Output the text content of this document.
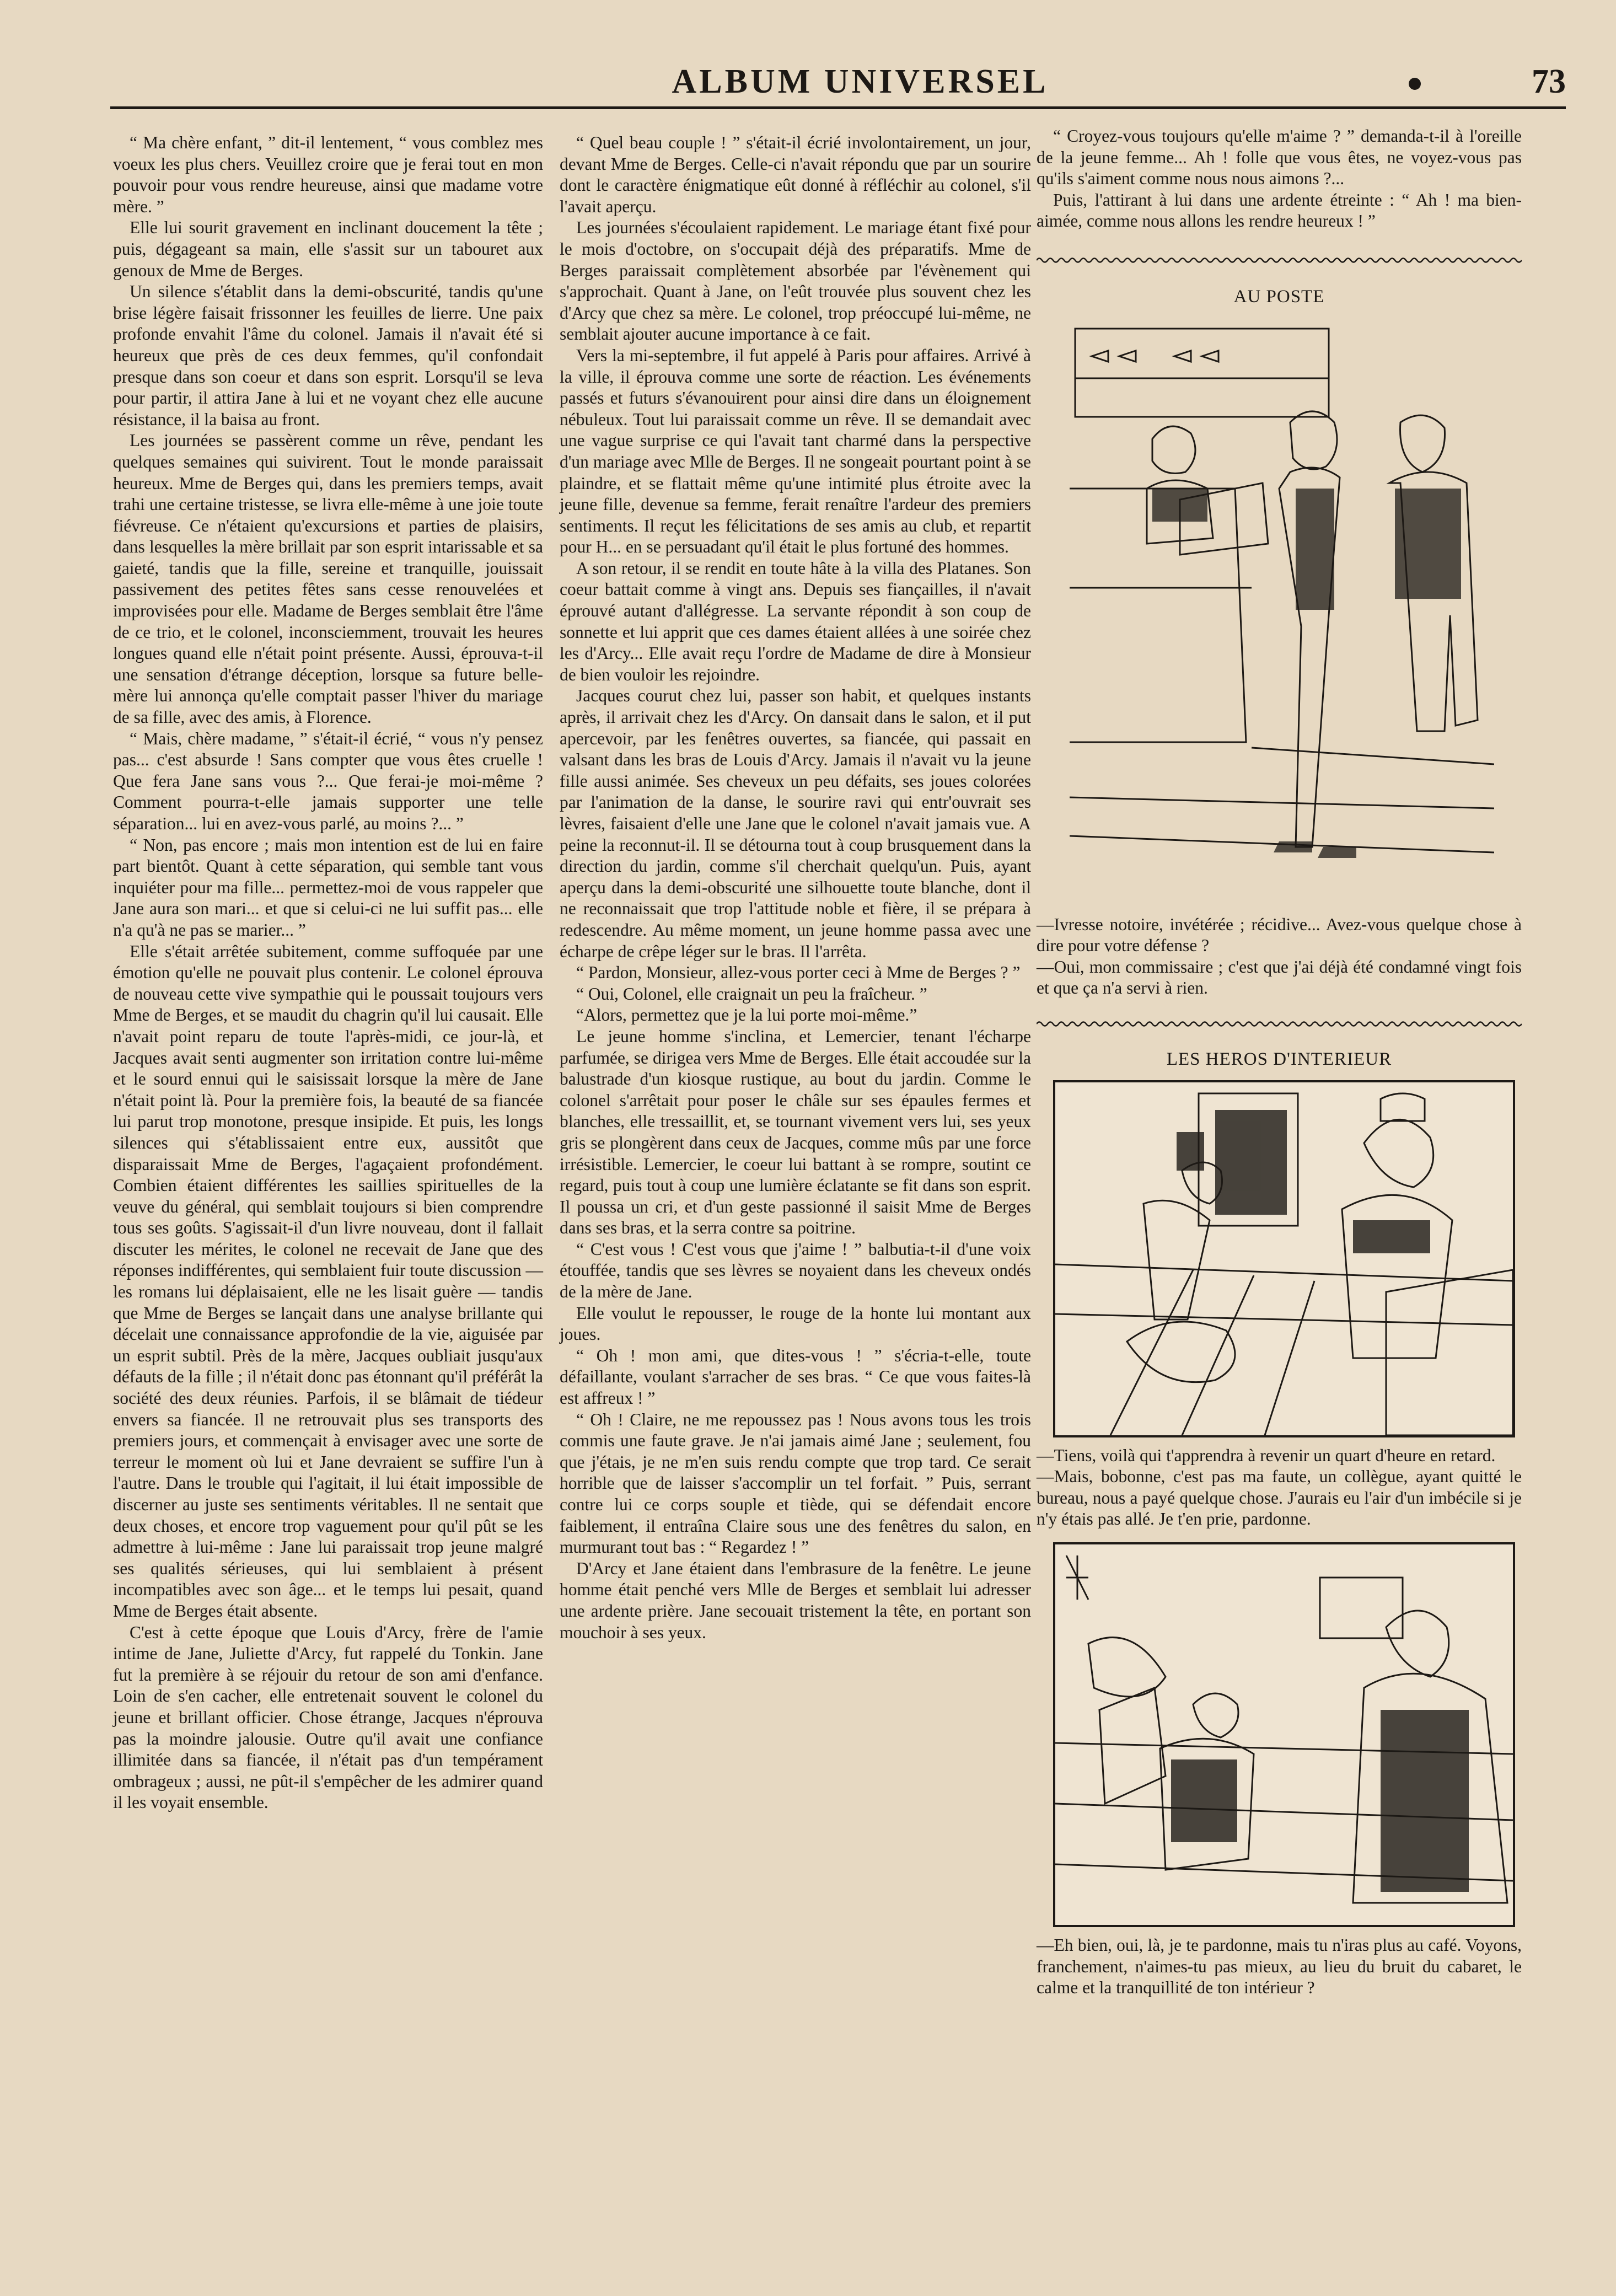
ALBUM UNIVERSEL	73

“ Ma chère enfant, ” dit-il lentement, “ vous comblez mes voeux les plus chers. Veuillez croire que je ferai tout en mon pouvoir pour vous rendre heureuse, ainsi que madame votre mère. ”

Elle lui sourit gravement en inclinant doucement la tête ; puis, dégageant sa main, elle s'assit sur un tabouret aux genoux de Mme de Berges.

Un silence s'établit dans la demi-obscurité, tandis qu'une brise légère faisait frissonner les feuilles de lierre. Une paix profonde envahit l'âme du colonel. Jamais il n'avait été si heureux que près de ces deux femmes, qu'il confondait presque dans son coeur et dans son esprit. Lorsqu'il se leva pour partir, il attira Jane à lui et ne voyant chez elle aucune résistance, il la baisa au front.

Les journées se passèrent comme un rêve, pendant les quelques semaines qui suivirent. Tout le monde paraissait heureux. Mme de Berges qui, dans les premiers temps, avait trahi une certaine tristesse, se livra elle-même à une joie toute fiévreuse. Ce n'étaient qu'excursions et parties de plaisirs, dans lesquelles la mère brillait par son esprit intarissable et sa gaieté, tandis que la fille, sereine et tranquille, jouissait passivement des petites fêtes sans cesse renouvelées et improvisées pour elle. Madame de Berges semblait être l'âme de ce trio, et le colonel, inconsciemment, trouvait les heures longues quand elle n'était point présente. Aussi, éprouva-t-il une sensation d'étrange déception, lorsque sa future belle-mère lui annonça qu'elle comptait passer l'hiver du mariage de sa fille, avec des amis, à Florence.

“ Mais, chère madame, ” s'était-il écrié, “ vous n'y pensez pas... c'est absurde ! Sans compter que vous êtes cruelle ! Que fera Jane sans vous ?... Que ferai-je moi-même ? Comment pourra-t-elle jamais supporter une telle séparation... lui en avez-vous parlé, au moins ?... ”

“ Non, pas encore ; mais mon intention est de lui en faire part bientôt. Quant à cette séparation, qui semble tant vous inquiéter pour ma fille... permettez-moi de vous rappeler que Jane aura son mari... et que si celui-ci ne lui suffit pas... elle n'a qu'à ne pas se marier... ”

Elle s'était arrêtée subitement, comme suffoquée par une émotion qu'elle ne pouvait plus contenir. Le colonel éprouva de nouveau cette vive sympathie qui le poussait toujours vers Mme de Berges, et se maudit du chagrin qu'il lui causait. Elle n'avait point reparu de toute l'après-midi, ce jour-là, et Jacques avait senti augmenter son irritation contre lui-même et le sourd ennui qui le saisissait lorsque la mère de Jane n'était point là. Pour la première fois, la beauté de sa fiancée lui parut trop monotone, presque insipide. Et puis, les longs silences qui s'établissaient entre eux, aussitôt que disparaissait Mme de Berges, l'agaçaient profondément. Combien étaient différentes les saillies spirituelles de la veuve du général, qui semblait toujours si bien comprendre tous ses goûts. S'agissait-il d'un livre nouveau, dont il fallait discuter les mérites, le colonel ne recevait de Jane que des réponses indifférentes, qui semblaient fuir toute discussion — les romans lui déplaisaient, elle ne les lisait guère — tandis que Mme de Berges se lançait dans une analyse brillante qui décelait une connaissance approfondie de la vie, aiguisée par un esprit subtil. Près de la mère, Jacques oubliait jusqu'aux défauts de la fille ; il n'était donc pas étonnant qu'il préférât la société des deux réunies. Parfois, il se blâmait de tiédeur envers sa fiancée. Il ne retrouvait plus ses transports des premiers jours, et commençait à envisager avec une sorte de terreur le moment où lui et Jane devraient se suffire l'un à l'autre. Dans le trouble qui l'agitait, il lui était impossible de discerner au juste ses sentiments véritables. Il ne sentait que deux choses, et encore trop vaguement pour qu'il pût se les admettre à lui-même : Jane lui paraissait trop jeune malgré ses qualités sérieuses, qui lui semblaient à présent incompatibles avec son âge... et le temps lui pesait, quand Mme de Berges était absente.

C'est à cette époque que Louis d'Arcy, frère de l'amie intime de Jane, Juliette d'Arcy, fut rappelé du Tonkin. Jane fut la première à se réjouir du retour de son ami d'enfance. Loin de s'en cacher, elle entretenait souvent le colonel du jeune et brillant officier. Chose étrange, Jacques n'éprouva pas la moindre jalousie. Outre qu'il avait une confiance illimitée dans sa fiancée, il n'était pas d'un tempérament ombrageux ; aussi, ne pût-il s'empêcher de les admirer quand il les voyait ensemble.

“ Quel beau couple ! ” s'était-il écrié involontairement, un jour, devant Mme de Berges. Celle-ci n'avait répondu que par un sourire dont le caractère énigmatique eût donné à réfléchir au colonel, s'il l'avait aperçu.

Les journées s'écoulaient rapidement. Le mariage étant fixé pour le mois d'octobre, on s'occupait déjà des préparatifs. Mme de Berges paraissait complètement absorbée par l'évènement qui s'approchait. Quant à Jane, on l'eût trouvée plus souvent chez les d'Arcy que chez sa mère. Le colonel, trop préoccupé lui-même, ne semblait ajouter aucune importance à ce fait.

Vers la mi-septembre, il fut appelé à Paris pour affaires. Arrivé à la ville, il éprouva comme une sorte de réaction. Les événements passés et futurs s'évanouirent pour ainsi dire dans un éloignement nébuleux. Tout lui paraissait comme un rêve. Il se demandait avec une vague surprise ce qui l'avait tant charmé dans la perspective d'un mariage avec Mlle de Berges. Il ne songeait pourtant point à se plaindre, et se flattait même qu'une intimité plus étroite avec la jeune fille, devenue sa femme, ferait renaître l'ardeur des premiers sentiments. Il reçut les félicitations de ses amis au club, et repartit pour H... en se persuadant qu'il était le plus fortuné des hommes.

A son retour, il se rendit en toute hâte à la villa des Platanes. Son coeur battait comme à vingt ans. Depuis ses fiançailles, il n'avait éprouvé autant d'allégresse. La servante répondit à son coup de sonnette et lui apprit que ces dames étaient allées à une soirée chez les d'Arcy... Elle avait reçu l'ordre de Madame de dire à Monsieur de bien vouloir les rejoindre.

Jacques courut chez lui, passer son habit, et quelques instants après, il arrivait chez les d'Arcy. On dansait dans le salon, et il put apercevoir, par les fenêtres ouvertes, sa fiancée, qui passait en valsant dans les bras de Louis d'Arcy. Jamais il n'avait vu la jeune fille aussi animée. Ses cheveux un peu défaits, ses joues colorées par l'animation de la danse, le sourire ravi qui entr'ouvrait ses lèvres, faisaient d'elle une Jane que le colonel n'avait jamais vue. A peine la reconnut-il. Il se détourna tout à coup brusquement dans la direction du jardin, comme s'il cherchait quelqu'un. Puis, ayant aperçu dans la demi-obscurité une silhouette toute blanche, dont il ne reconnaissait que trop l'attitude noble et fière, il se prépara à redescendre. Au même moment, un jeune homme passa avec une écharpe de crêpe léger sur le bras. Il l'arrêta.

“ Pardon, Monsieur, allez-vous porter ceci à Mme de Berges ? ”

“ Oui, Colonel, elle craignait un peu la fraîcheur. ”

“Alors, permettez que je la lui porte moi-même.”

Le jeune homme s'inclina, et Lemercier, tenant l'écharpe parfumée, se dirigea vers Mme de Berges. Elle était accoudée sur la balustrade d'un kiosque rustique, au bout du jardin. Comme le colonel s'arrêtait pour poser le châle sur ses épaules fermes et blanches, elle tressaillit, et, se tournant vivement vers lui, ses yeux gris se plongèrent dans ceux de Jacques, comme mûs par une force irrésistible. Lemercier, le coeur lui battant à se rompre, soutint ce regard, puis tout à coup une lumière éclatante se fit dans son esprit. Il poussa un cri, et d'un geste passionné il saisit Mme de Berges dans ses bras, et la serra contre sa poitrine.

“ C'est vous ! C'est vous que j'aime ! ” balbutia-t-il d'une voix étouffée, tandis que ses lèvres se noyaient dans les cheveux ondés de la mère de Jane.

Elle voulut le repousser, le rouge de la honte lui montant aux joues.

“ Oh ! mon ami, que dites-vous ! ” s'écria-t-elle, toute défaillante, voulant s'arracher de ses bras. “ Ce que vous faites-là est affreux ! ”

“ Oh ! Claire, ne me repoussez pas ! Nous avons tous les trois commis une faute grave. Je n'ai jamais aimé Jane ; seulement, fou que j'étais, je ne m'en suis rendu compte que trop tard. Ce serait horrible que de laisser s'accomplir un tel forfait. ” Puis, serrant contre lui ce corps souple et tiède, qui se défendait encore faiblement, il entraîna Claire sous une des fenêtres du salon, en murmurant tout bas : “ Regardez ! ”

D'Arcy et Jane étaient dans l'embrasure de la fenêtre. Le jeune homme était penché vers Mlle de Berges et semblait lui adresser une ardente prière. Jane secouait tristement la tête, en portant son mouchoir à ses yeux.

“ Croyez-vous toujours qu'elle m'aime ? ” demanda-t-il à l'oreille de la jeune femme... Ah ! folle que vous êtes, ne voyez-vous pas qu'ils s'aiment comme nous nous aimons ?...

Puis, l'attirant à lui dans une ardente étreinte : “ Ah ! ma bien-aimée, comme nous allons les rendre heureux ! ”

AU POSTE

—Ivresse notoire, invétérée ; récidive... Avez-vous quelque chose à dire pour votre défense ?

—Oui, mon commissaire ; c'est que j'ai déjà été condamné vingt fois et que ça n'a servi à rien.

LES HEROS D'INTERIEUR

—Tiens, voilà qui t'apprendra à revenir un quart d'heure en retard.

—Mais, bobonne, c'est pas ma faute, un collègue, ayant quitté le bureau, nous a payé quelque chose. J'aurais eu l'air d'un imbécile si je n'y étais pas allé. Je t'en prie, pardonne.

—Eh bien, oui, là, je te pardonne, mais tu n'iras plus au café. Voyons, franchement, n'aimes-tu pas mieux, au lieu du bruit du cabaret, le calme et la tranquillité de ton intérieur ?
